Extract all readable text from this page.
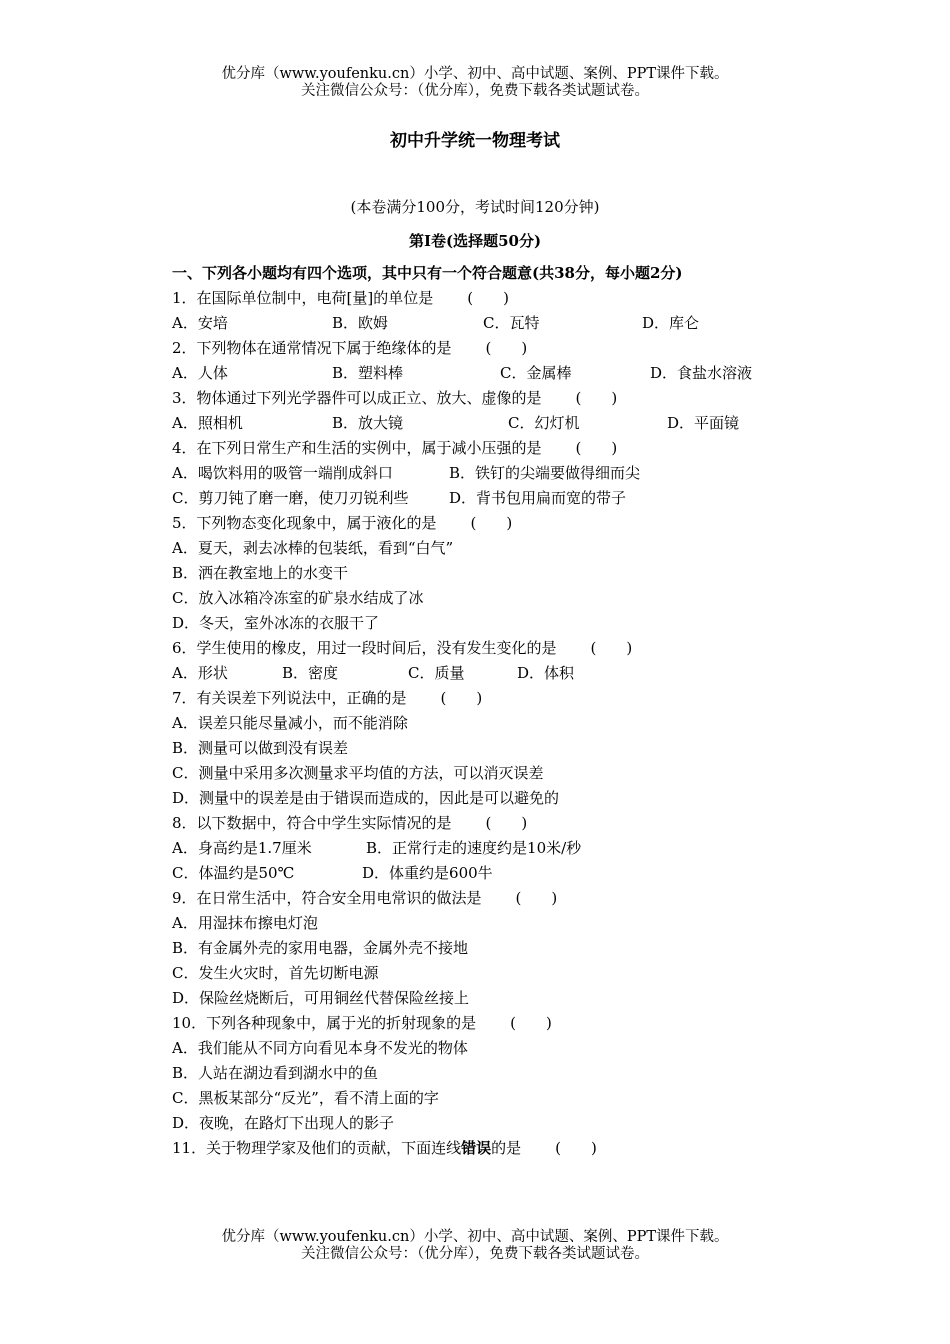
优分库（www.youfenku.cn）小学、初中、高中试题、案例、PPT课件下载。
关注微信公众号：（优分库），免费下载各类试题试卷。
初中升学统一物理考试
(本卷满分100分，考试时间120分钟)
第Ⅰ卷(选择题50分)
一、下列各小题均有四个选项，其中只有一个符合题意(共38分，每小题2分)
1．在国际单位制中，电荷[量]的单位是 (　　)
A．安培	B．欧姆	C．瓦特	D．库仑
2．下列物体在通常情况下属于绝缘体的是 (　　)
A．人体	B．塑料棒	C．金属棒	D．食盐水溶液
3．物体通过下列光学器件可以成正立、放大、虚像的是 (　　)
A．照相机	B．放大镜	C．幻灯机	D．平面镜
4．在下列日常生产和生活的实例中，属于减小压强的是 (　　)
A．喝饮料用的吸管一端削成斜口	B．铁钉的尖端要做得细而尖
C．剪刀钝了磨一磨，使刀刃锐利些	D．背书包用扁而宽的带子
5．下列物态变化现象中，属于液化的是 (　　)
A．夏天，剥去冰棒的包装纸，看到“白气”
B．洒在教室地上的水变干
C．放入冰箱冷冻室的矿泉水结成了冰
D．冬天，室外冰冻的衣服干了
6．学生使用的橡皮，用过一段时间后，没有发生变化的是 (　　)
A．形状	B．密度	C．质量	D．体积
7．有关误差下列说法中，正确的是 (　　)
A．误差只能尽量减小，而不能消除
B．测量可以做到没有误差
C．测量中采用多次测量求平均值的方法，可以消灭误差
D．测量中的误差是由于错误而造成的，因此是可以避免的
8．以下数据中，符合中学生实际情况的是 (　　)
A．身高约是1.7厘米	B．正常行走的速度约是10米/秒
C．体温约是50℃	D．体重约是600牛
9．在日常生活中，符合安全用电常识的做法是 (　　)
A．用湿抹布擦电灯泡
B．有金属外壳的家用电器，金属外壳不接地
C．发生火灾时，首先切断电源
D．保险丝烧断后，可用铜丝代替保险丝接上
10．下列各种现象中，属于光的折射现象的是 (　　)
A．我们能从不同方向看见本身不发光的物体
B．人站在湖边看到湖水中的鱼
C．黑板某部分“反光”，看不清上面的字
D．夜晚，在路灯下出现人的影子
11．关于物理学家及他们的贡献，下面连线错误的是 (　　)
优分库（www.youfenku.cn）小学、初中、高中试题、案例、PPT课件下载。
关注微信公众号：（优分库），免费下载各类试题试卷。
